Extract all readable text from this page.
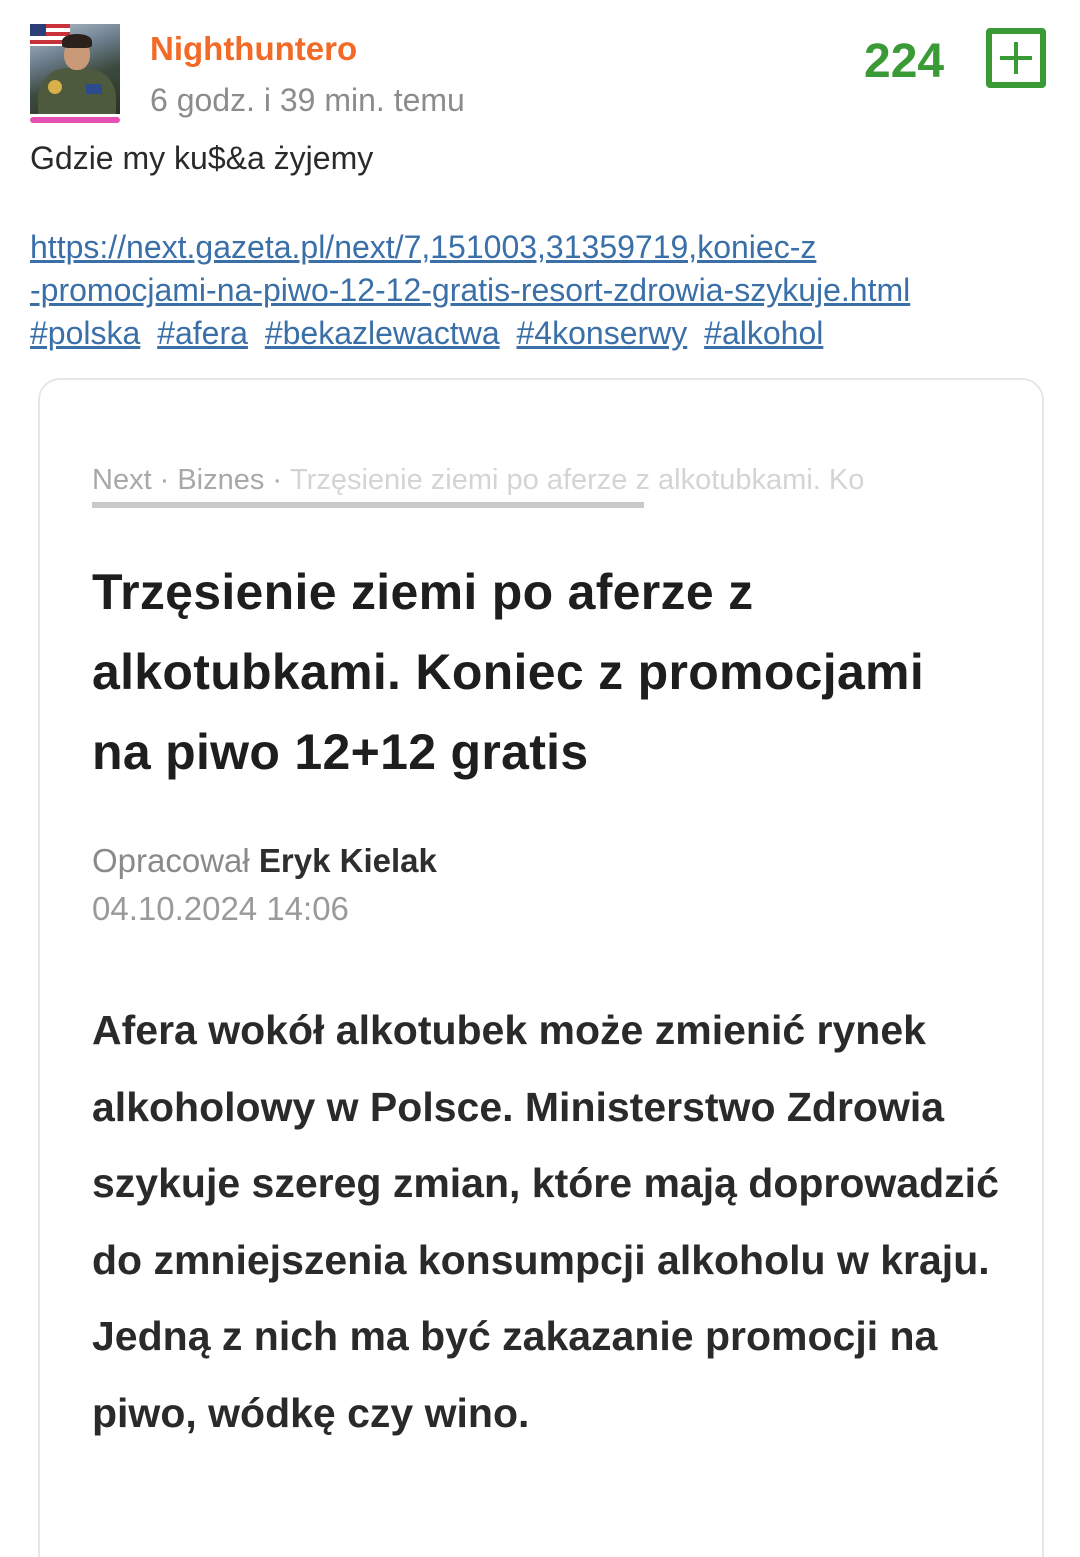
Nighthuntero
6 godz. i 39 min. temu
224
Gdzie my ku$&a żyjemy
https://next.gazeta.pl/next/7,151003,31359719,koniec-z
-promocjami-na-piwo-12-12-gratis-resort-zdrowia-szykuje.html
#polska #afera #bekazlewactwa #4konserwy #alkohol
Next · Biznes · Trzęsienie ziemi po aferze z alkotubkami. Ko
Trzęsienie ziemi po aferze z alkotubkami. Koniec z promocjami na piwo 12+12 gratis
Opracował Eryk Kielak
04.10.2024 14:06
Afera wokół alkotubek może zmienić rynek alkoholowy w Polsce. Ministerstwo Zdrowia szykuje szereg zmian, które mają doprowadzić do zmniejszenia konsumpcji alkoholu w kraju. Jedną z nich ma być zakazanie promocji na piwo, wódkę czy wino.
